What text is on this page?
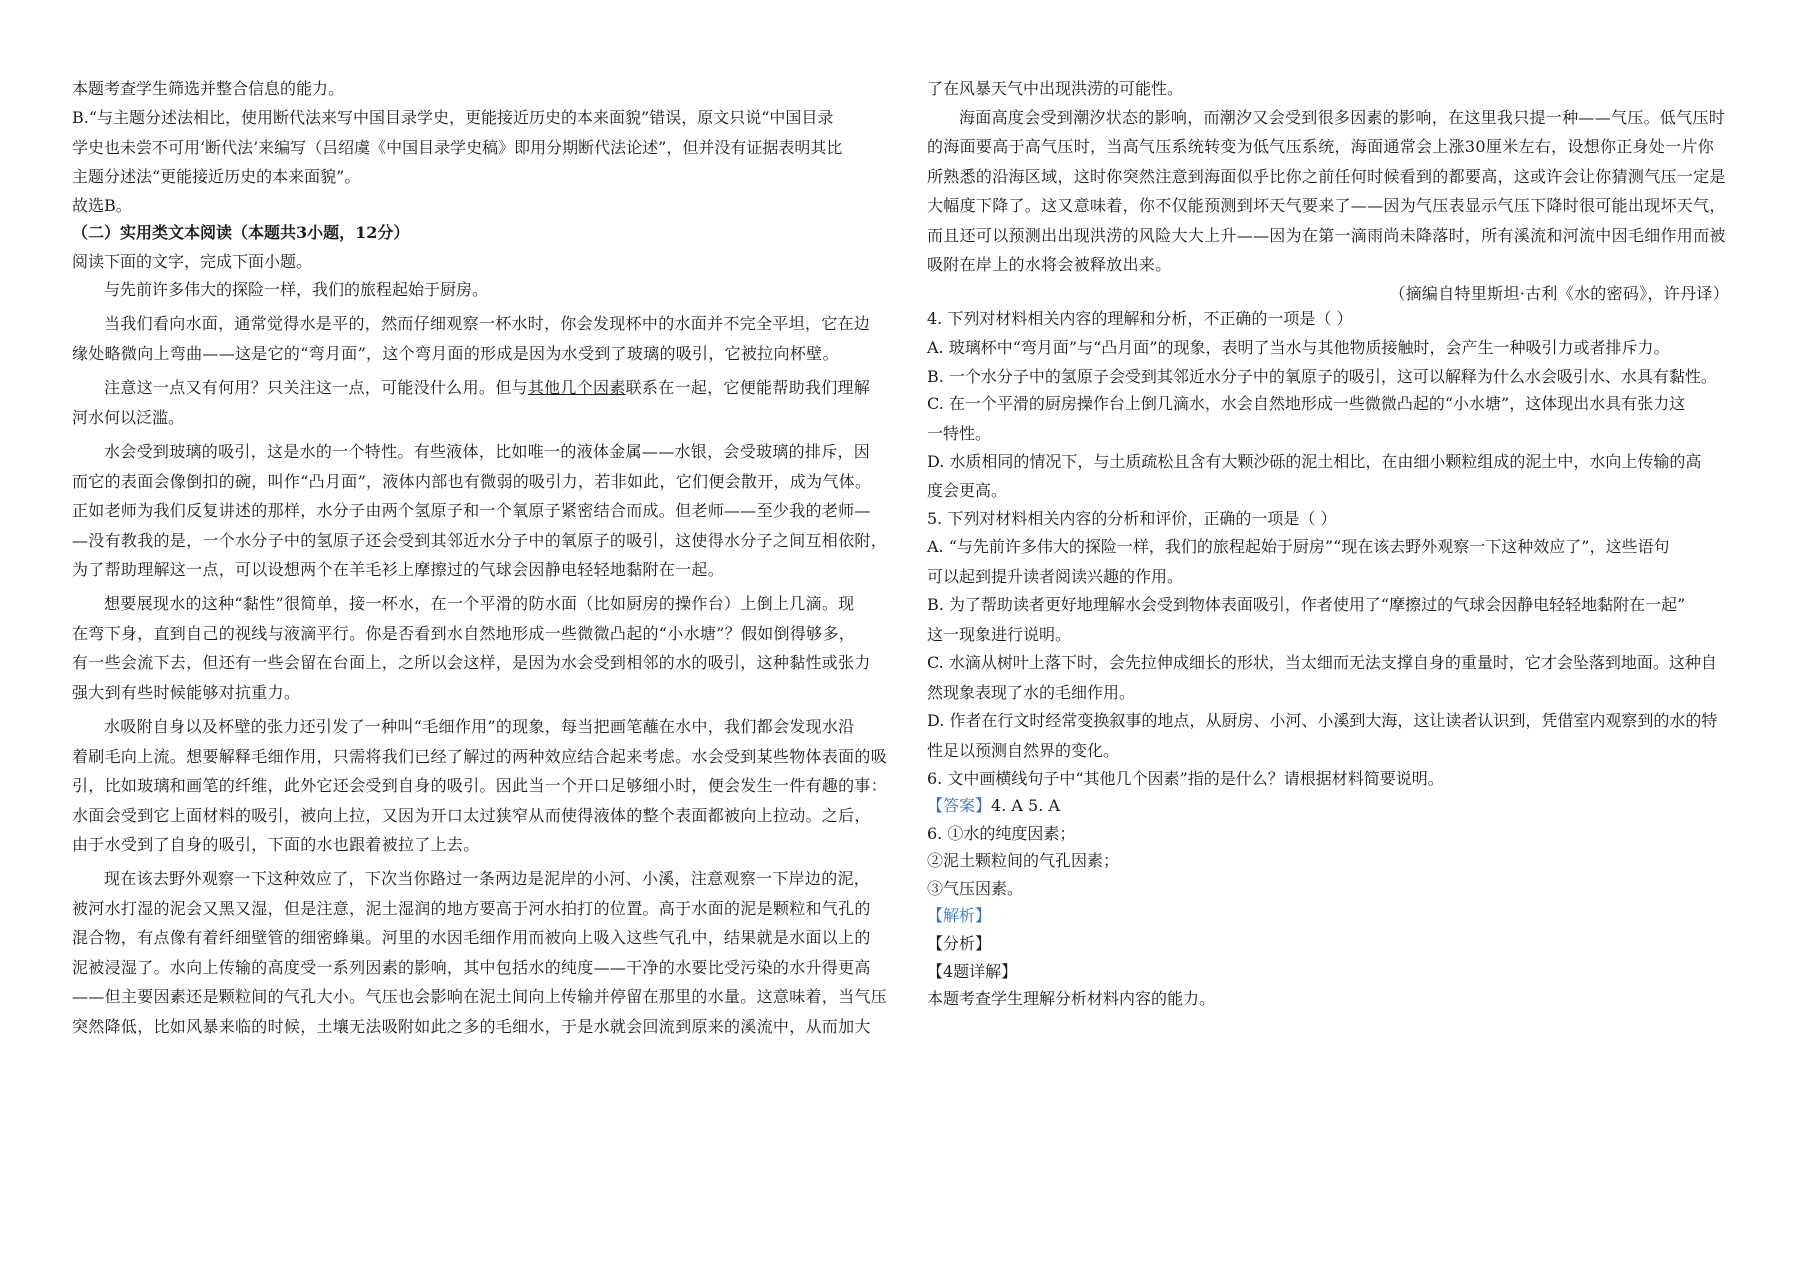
本题考查学生筛选并整合信息的能力。
B.“与主题分述法相比，使用断代法来写中国目录学史，更能接近历史的本来面貌”错误，原文只说“中国目录
学史也未尝不可用‘断代法’来编写（吕绍虞《中国目录学史稿》即用分期断代法论述”，但并没有证据表明其比
主题分述法“更能接近历史的本来面貌”。
故选B。
（二）实用类文本阅读（本题共3小题，12分）
阅读下面的文字，完成下面小题。
与先前许多伟大的探险一样，我们的旅程起始于厨房。
当我们看向水面，通常觉得水是平的，然而仔细观察一杯水时，你会发现杯中的水面并不完全平坦，它在边
缘处略微向上弯曲——这是它的“弯月面”，这个弯月面的形成是因为水受到了玻璃的吸引，它被拉向杯壁。
注意这一点又有何用？只关注这一点，可能没什么用。但与其他几个因素联系在一起，它便能帮助我们理解
河水何以泛滥。
水会受到玻璃的吸引，这是水的一个特性。有些液体，比如唯一的液体金属——水银，会受玻璃的排斥，因
而它的表面会像倒扣的碗，叫作“凸月面”，液体内部也有微弱的吸引力，若非如此，它们便会散开，成为气体。
正如老师为我们反复讲述的那样，水分子由两个氢原子和一个氧原子紧密结合而成。但老师——至少我的老师—
—没有教我的是，一个水分子中的氢原子还会受到其邻近水分子中的氧原子的吸引，这使得水分子之间互相依附，
为了帮助理解这一点，可以设想两个在羊毛衫上摩擦过的气球会因静电轻轻地黏附在一起。
想要展现水的这种“黏性”很简单，接一杯水，在一个平滑的防水面（比如厨房的操作台）上倒上几滴。现
在弯下身，直到自己的视线与液滴平行。你是否看到水自然地形成一些微微凸起的“小水塘”？假如倒得够多，
有一些会流下去，但还有一些会留在台面上，之所以会这样，是因为水会受到相邻的水的吸引，这种黏性或张力
强大到有些时候能够对抗重力。
水吸附自身以及杯壁的张力还引发了一种叫“毛细作用”的现象，每当把画笔蘸在水中，我们都会发现水沿
着刷毛向上流。想要解释毛细作用，只需将我们已经了解过的两种效应结合起来考虑。水会受到某些物体表面的吸
引，比如玻璃和画笔的纤维，此外它还会受到自身的吸引。因此当一个开口足够细小时，便会发生一件有趣的事：
水面会受到它上面材料的吸引，被向上拉，又因为开口太过狭窄从而使得液体的整个表面都被向上拉动。之后，
由于水受到了自身的吸引，下面的水也跟着被拉了上去。
现在该去野外观察一下这种效应了，下次当你路过一条两边是泥岸的小河、小溪，注意观察一下岸边的泥，
被河水打湿的泥会又黑又湿，但是注意，泥土湿润的地方要高于河水拍打的位置。高于水面的泥是颗粒和气孔的
混合物，有点像有着纤细壁管的细密蜂巢。河里的水因毛细作用而被向上吸入这些气孔中，结果就是水面以上的
泥被浸湿了。水向上传输的高度受一系列因素的影响，其中包括水的纯度——干净的水要比受污染的水升得更高
——但主要因素还是颗粒间的气孔大小。气压也会影响在泥土间向上传输并停留在那里的水量。这意味着，当气压
突然降低，比如风暴来临的时候，土壤无法吸附如此之多的毛细水，于是水就会回流到原来的溪流中，从而加大
了在风暴天气中出现洪涝的可能性。
海面高度会受到潮汐状态的影响，而潮汐又会受到很多因素的影响，在这里我只提一种——气压。低气压时
的海面要高于高气压时，当高气压系统转变为低气压系统，海面通常会上涨30厘米左右，设想你正身处一片你
所熟悉的沿海区域，这时你突然注意到海面似乎比你之前任何时候看到的都要高，这或许会让你猜测气压一定是
大幅度下降了。这又意味着，你不仅能预测到坏天气要来了——因为气压表显示气压下降时很可能出现坏天气，
而且还可以预测出出现洪涝的风险大大上升——因为在第一滴雨尚未降落时，所有溪流和河流中因毛细作用而被
吸附在岸上的水将会被释放出来。
（摘编自特里斯坦·古利《水的密码》，许丹译）
4. 下列对材料相关内容的理解和分析，不正确的一项是（ ）
A. 玻璃杯中“弯月面”与“凸月面”的现象，表明了当水与其他物质接触时，会产生一种吸引力或者排斥力。
B. 一个水分子中的氢原子会受到其邻近水分子中的氧原子的吸引，这可以解释为什么水会吸引水、水具有黏性。
C. 在一个平滑的厨房操作台上倒几滴水，水会自然地形成一些微微凸起的“小水塘”，这体现出水具有张力这
一特性。
D. 水质相同的情况下，与土质疏松且含有大颗沙砾的泥土相比，在由细小颗粒组成的泥土中，水向上传输的高
度会更高。
5. 下列对材料相关内容的分析和评价，正确的一项是（ ）
A. “与先前许多伟大的探险一样，我们的旅程起始于厨房”“现在该去野外观察一下这种效应了”，这些语句
可以起到提升读者阅读兴趣的作用。
B. 为了帮助读者更好地理解水会受到物体表面吸引，作者使用了“摩擦过的气球会因静电轻轻地黏附在一起”
这一现象进行说明。
C. 水滴从树叶上落下时，会先拉伸成细长的形状，当太细而无法支撑自身的重量时，它才会坠落到地面。这种自
然现象表现了水的毛细作用。
D. 作者在行文时经常变换叙事的地点，从厨房、小河、小溪到大海，这让读者认识到，凭借室内观察到的水的特
性足以预测自然界的变化。
6. 文中画横线句子中“其他几个因素”指的是什么？请根据材料简要说明。
【答案】4. A 5. A
6. ①水的纯度因素；
②泥土颗粒间的气孔因素；
③气压因素。
【解析】
【分析】
【4题详解】
本题考查学生理解分析材料内容的能力。
